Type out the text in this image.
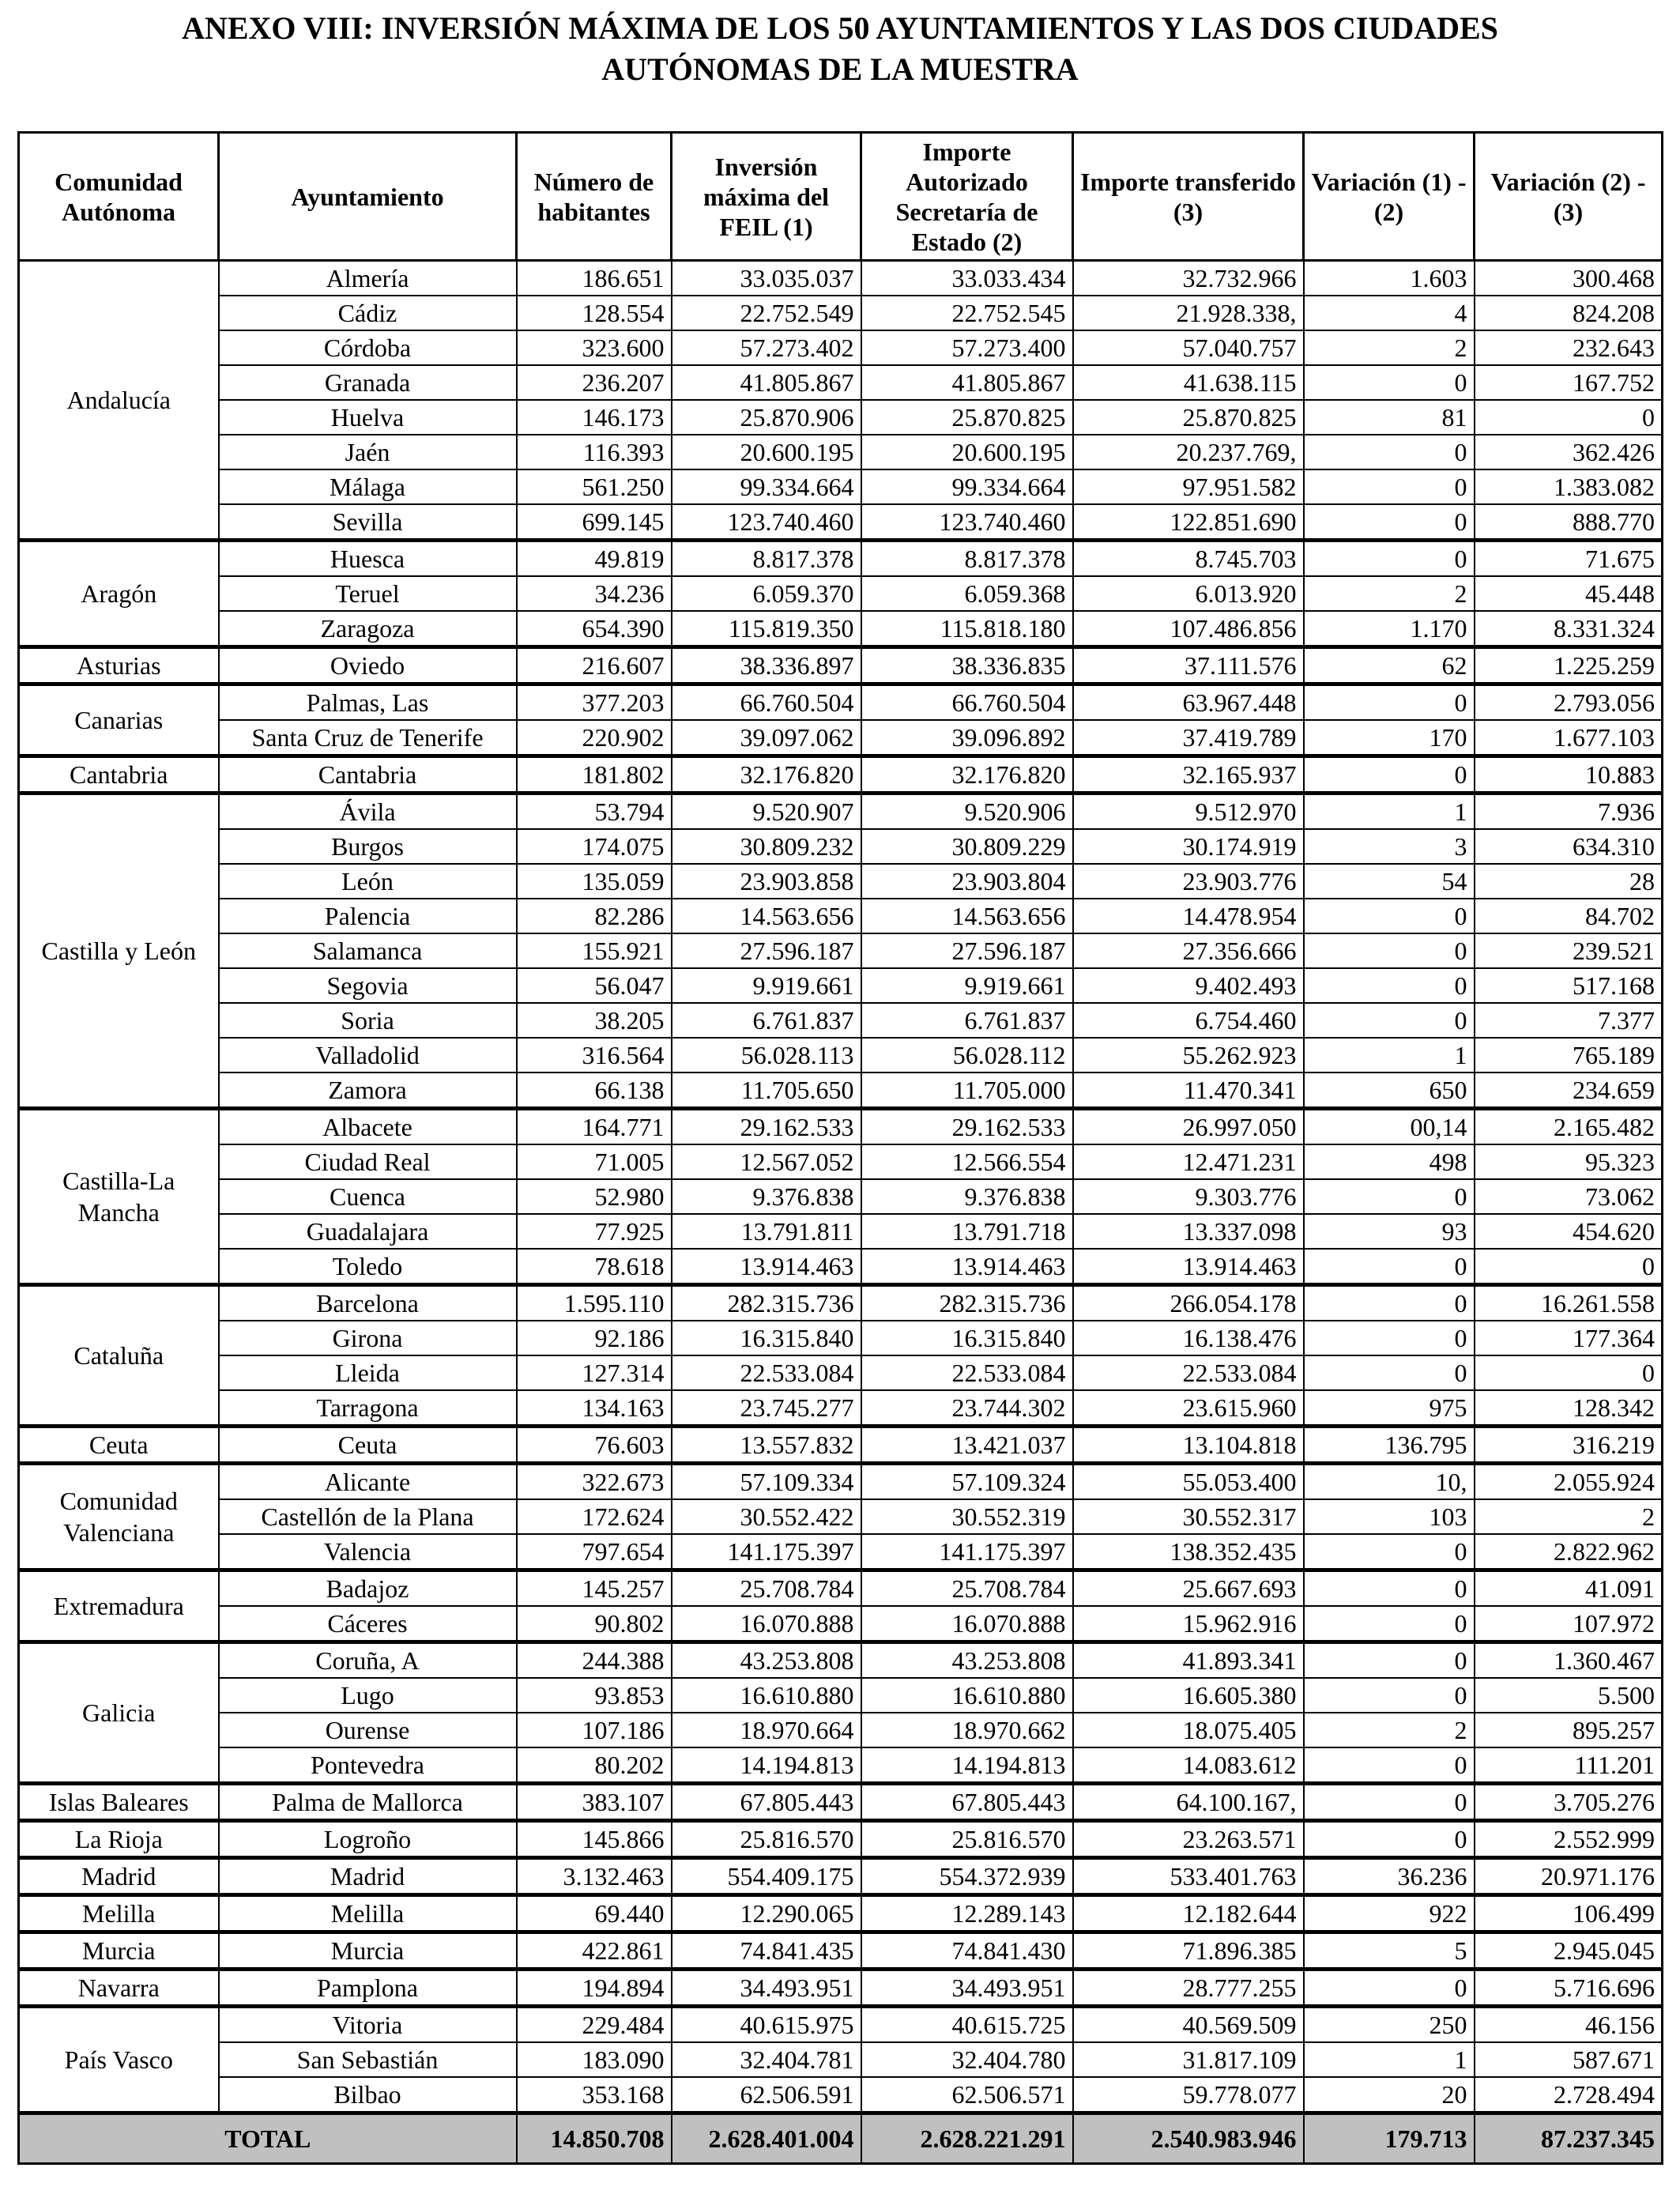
ANEXO VIII: INVERSIÓN MÁXIMA DE LOS 50 AYUNTAMIENTOS Y LAS DOS CIUDADES
AUTÓNOMAS DE LA MUESTRA
Comunidad Autónoma	Ayuntamiento	Número de habitantes	Inversión máxima del FEIL (1)	Importe Autorizado Secretaría de Estado (2)	Importe transferido (3)	Variación (1) - (2)	Variación (2) - (3)
Andalucía	Almería	186.651	33.035.037	33.033.434	32.732.966	1.603	300.468
	Cádiz	128.554	22.752.549	22.752.545	21.928.338,	4	824.208
	Córdoba	323.600	57.273.402	57.273.400	57.040.757	2	232.643
	Granada	236.207	41.805.867	41.805.867	41.638.115	0	167.752
	Huelva	146.173	25.870.906	25.870.825	25.870.825	81	0
	Jaén	116.393	20.600.195	20.600.195	20.237.769,	0	362.426
	Málaga	561.250	99.334.664	99.334.664	97.951.582	0	1.383.082
	Sevilla	699.145	123.740.460	123.740.460	122.851.690	0	888.770
Aragón	Huesca	49.819	8.817.378	8.817.378	8.745.703	0	71.675
	Teruel	34.236	6.059.370	6.059.368	6.013.920	2	45.448
	Zaragoza	654.390	115.819.350	115.818.180	107.486.856	1.170	8.331.324
Asturias	Oviedo	216.607	38.336.897	38.336.835	37.111.576	62	1.225.259
Canarias	Palmas, Las	377.203	66.760.504	66.760.504	63.967.448	0	2.793.056
	Santa Cruz de Tenerife	220.902	39.097.062	39.096.892	37.419.789	170	1.677.103
Cantabria	Cantabria	181.802	32.176.820	32.176.820	32.165.937	0	10.883
Castilla y León	Ávila	53.794	9.520.907	9.520.906	9.512.970	1	7.936
	Burgos	174.075	30.809.232	30.809.229	30.174.919	3	634.310
	León	135.059	23.903.858	23.903.804	23.903.776	54	28
	Palencia	82.286	14.563.656	14.563.656	14.478.954	0	84.702
	Salamanca	155.921	27.596.187	27.596.187	27.356.666	0	239.521
	Segovia	56.047	9.919.661	9.919.661	9.402.493	0	517.168
	Soria	38.205	6.761.837	6.761.837	6.754.460	0	7.377
	Valladolid	316.564	56.028.113	56.028.112	55.262.923	1	765.189
	Zamora	66.138	11.705.650	11.705.000	11.470.341	650	234.659
Castilla-La Mancha	Albacete	164.771	29.162.533	29.162.533	26.997.050	00,14	2.165.482
	Ciudad Real	71.005	12.567.052	12.566.554	12.471.231	498	95.323
	Cuenca	52.980	9.376.838	9.376.838	9.303.776	0	73.062
	Guadalajara	77.925	13.791.811	13.791.718	13.337.098	93	454.620
	Toledo	78.618	13.914.463	13.914.463	13.914.463	0	0
Cataluña	Barcelona	1.595.110	282.315.736	282.315.736	266.054.178	0	16.261.558
	Girona	92.186	16.315.840	16.315.840	16.138.476	0	177.364
	Lleida	127.314	22.533.084	22.533.084	22.533.084	0	0
	Tarragona	134.163	23.745.277	23.744.302	23.615.960	975	128.342
Ceuta	Ceuta	76.603	13.557.832	13.421.037	13.104.818	136.795	316.219
Comunidad Valenciana	Alicante	322.673	57.109.334	57.109.324	55.053.400	10,	2.055.924
	Castellón de la Plana	172.624	30.552.422	30.552.319	30.552.317	103	2
	Valencia	797.654	141.175.397	141.175.397	138.352.435	0	2.822.962
Extremadura	Badajoz	145.257	25.708.784	25.708.784	25.667.693	0	41.091
	Cáceres	90.802	16.070.888	16.070.888	15.962.916	0	107.972
Galicia	Coruña, A	244.388	43.253.808	43.253.808	41.893.341	0	1.360.467
	Lugo	93.853	16.610.880	16.610.880	16.605.380	0	5.500
	Ourense	107.186	18.970.664	18.970.662	18.075.405	2	895.257
	Pontevedra	80.202	14.194.813	14.194.813	14.083.612	0	111.201
Islas Baleares	Palma de Mallorca	383.107	67.805.443	67.805.443	64.100.167,	0	3.705.276
La Rioja	Logroño	145.866	25.816.570	25.816.570	23.263.571	0	2.552.999
Madrid	Madrid	3.132.463	554.409.175	554.372.939	533.401.763	36.236	20.971.176
Melilla	Melilla	69.440	12.290.065	12.289.143	12.182.644	922	106.499
Murcia	Murcia	422.861	74.841.435	74.841.430	71.896.385	5	2.945.045
Navarra	Pamplona	194.894	34.493.951	34.493.951	28.777.255	0	5.716.696
País Vasco	Vitoria	229.484	40.615.975	40.615.725	40.569.509	250	46.156
	San Sebastián	183.090	32.404.781	32.404.780	31.817.109	1	587.671
	Bilbao	353.168	62.506.591	62.506.571	59.778.077	20	2.728.494
TOTAL		14.850.708	2.628.401.004	2.628.221.291	2.540.983.946	179.713	87.237.345
